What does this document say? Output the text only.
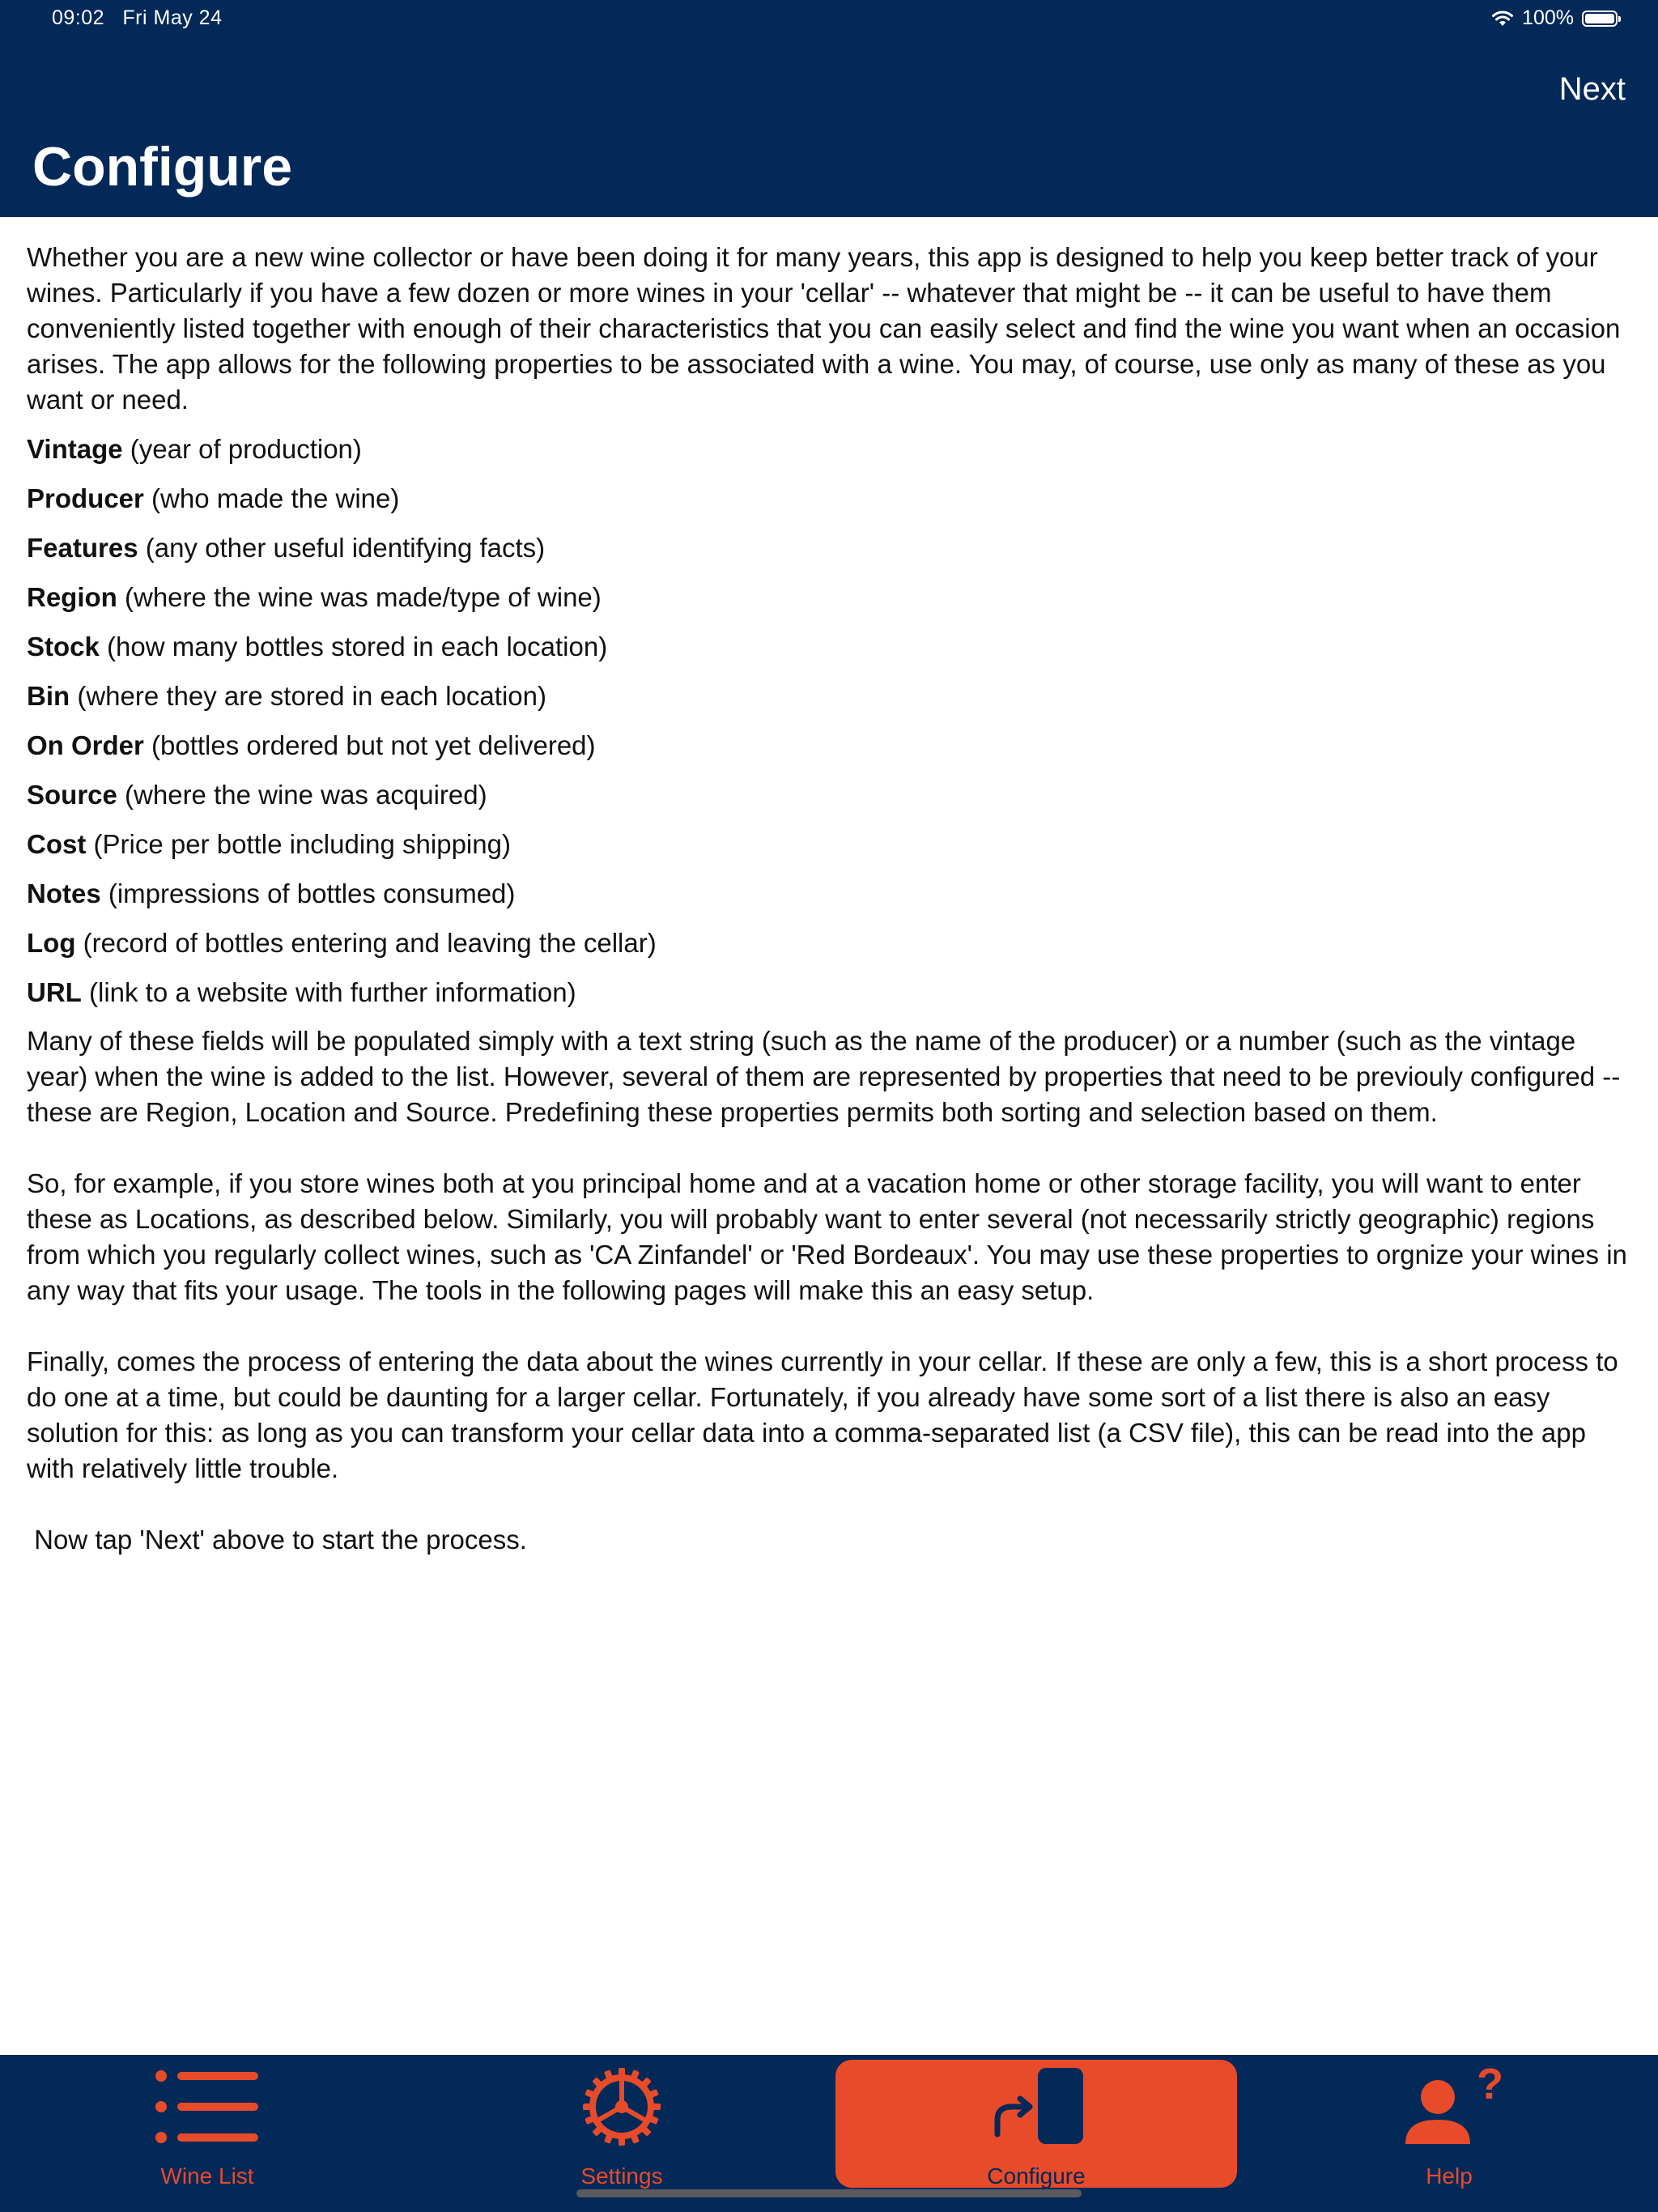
09:02 Fri May 24	100%
Next
Configure

Whether you are a new wine collector or have been doing it for many years, this app is designed to help you keep better track of your wines. Particularly if you have a few dozen or more wines in your 'cellar' -- whatever that might be -- it can be useful to have them conveniently listed together with enough of their characteristics that you can easily select and find the wine you want when an occasion arises. The app allows for the following properties to be associated with a wine. You may, of course, use only as many of these as you want or need.

Vintage (year of production)

Producer (who made the wine)

Features (any other useful identifying facts)

Region (where the wine was made/type of wine)

Stock (how many bottles stored in each location)

Bin (where they are stored in each location)

On Order (bottles ordered but not yet delivered)

Source (where the wine was acquired)

Cost (Price per bottle including shipping)

Notes (impressions of bottles consumed)

Log (record of bottles entering and leaving the cellar)

URL (link to a website with further information)

Many of these fields will be populated simply with a text string (such as the name of the producer) or a number (such as the vintage year) when the wine is added to the list. However, several of them are represented by properties that need to be previouly configured -- these are Region, Location and Source. Predefining these properties permits both sorting and selection based on them.

So, for example, if you store wines both at you principal home and at a vacation home or other storage facility, you will want to enter these as Locations, as described below. Similarly, you will probably want to enter several (not necessarily strictly geographic) regions from which you regularly collect wines, such as 'CA Zinfandel' or 'Red Bordeaux'. You may use these properties to orgnize your wines in any way that fits your usage. The tools in the following pages will make this an easy setup.

Finally, comes the process of entering the data about the wines currently in your cellar. If these are only a few, this is a short process to do one at a time, but could be daunting for a larger cellar. Fortunately, if you already have some sort of a list there is also an easy solution for this: as long as you can transform your cellar data into a comma-separated list (a CSV file), this can be read into the app with relatively little trouble.

Now tap 'Next' above to start the process.

Wine List	Settings	Configure
?
Help
